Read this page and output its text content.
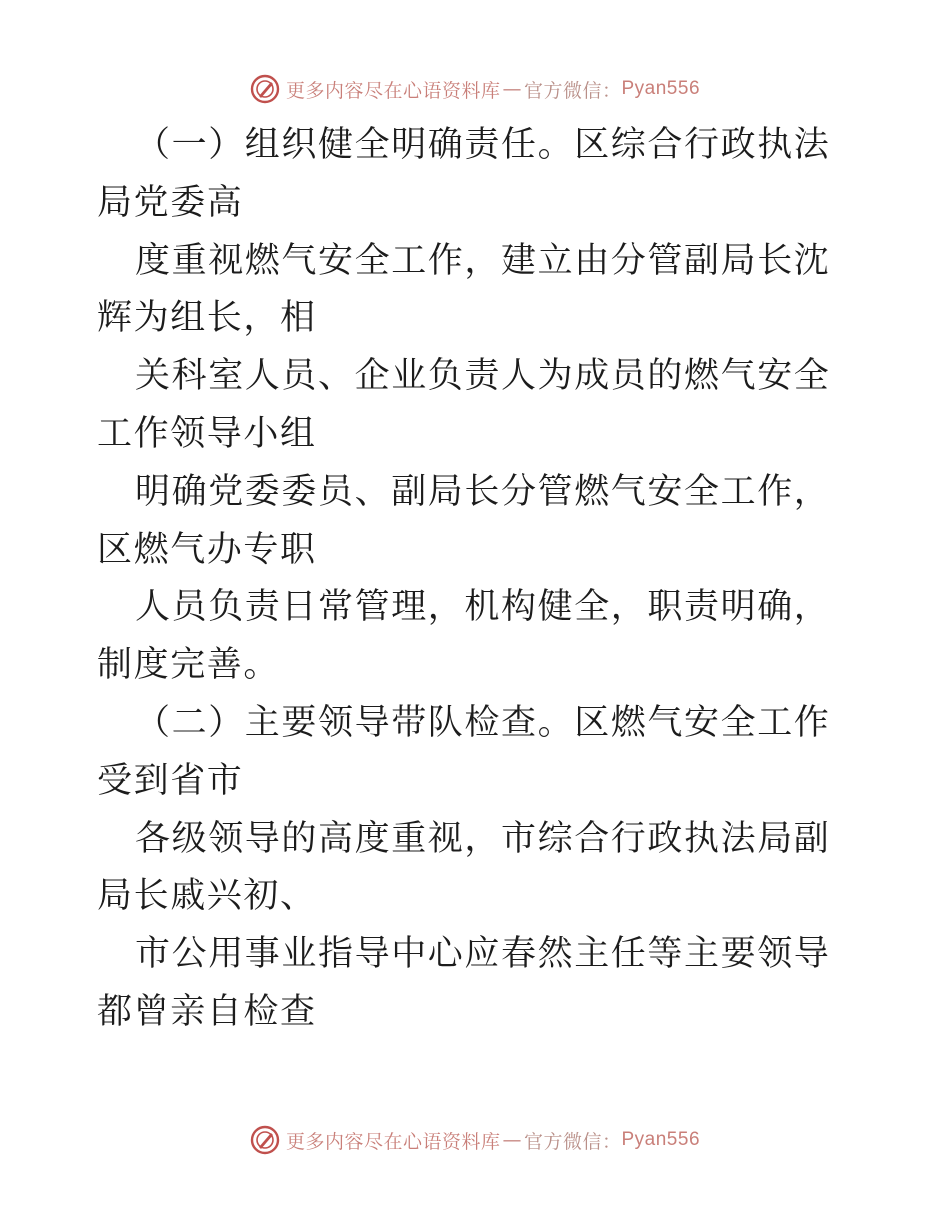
更多内容尽在心语资料库 — 官方微信： Pyan556

（一）组织健全明确责任。区综合行政执法局党委高

度重视燃气安全工作，建立由分管副局长沈辉为组长，相

关科室人员、企业负责人为成员的燃气安全工作领导小组

明确党委委员、副局长分管燃气安全工作，区燃气办专职

人员负责日常管理，机构健全，职责明确，制度完善。

（二）主要领导带队检查。区燃气安全工作受到省市

各级领导的高度重视，市综合行政执法局副局长戚兴初、

市公用事业指导中心应春然主任等主要领导都曾亲自检查

更多内容尽在心语资料库 — 官方微信： Pyan556
